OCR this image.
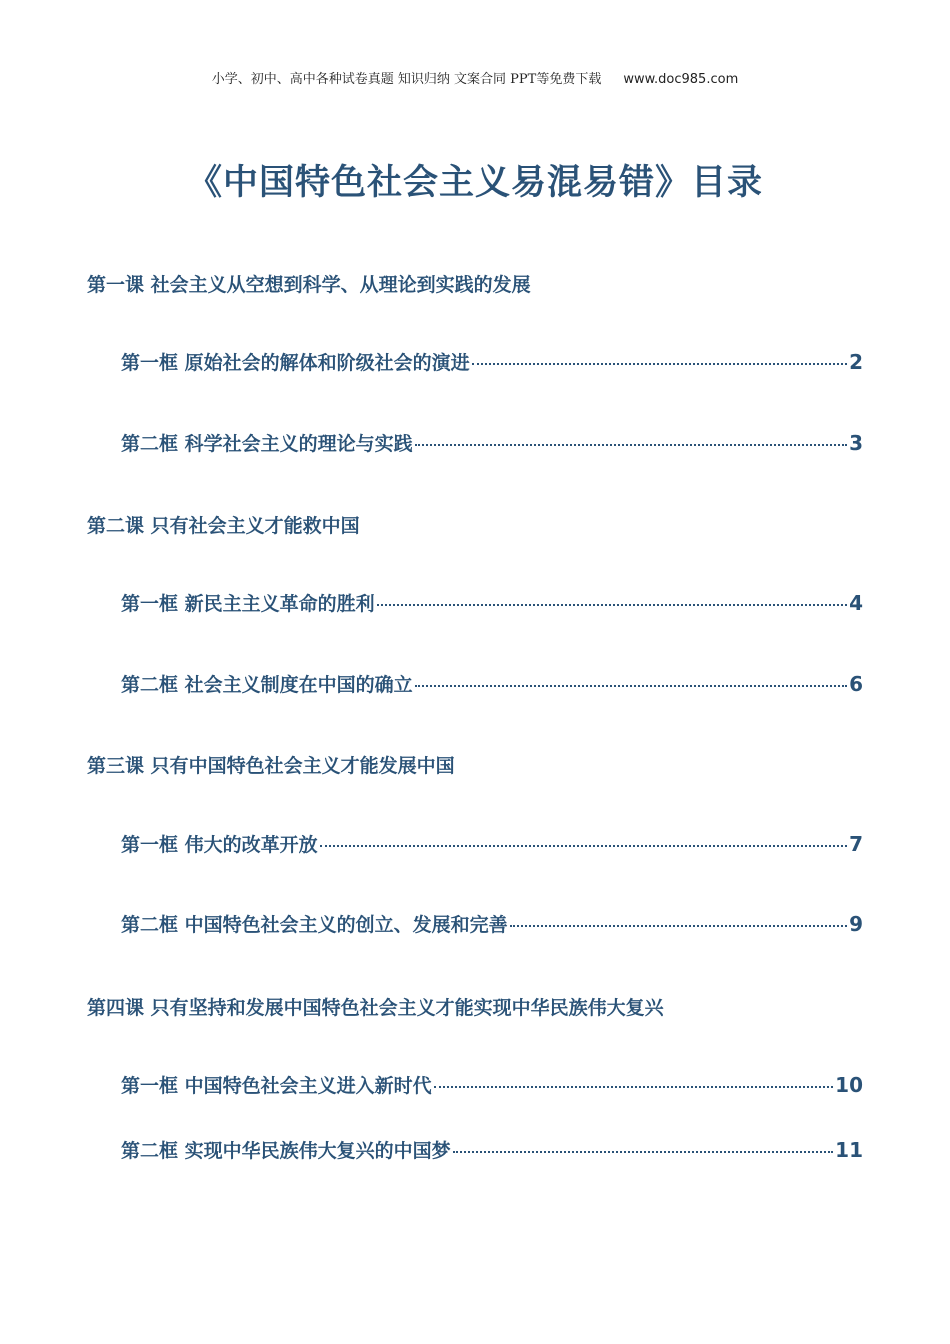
小学、初中、高中各种试卷真题 知识归纳 文案合同 PPT等免费下载 www.doc985.com
《中国特色社会主义易混易错》目录
第一课 社会主义从空想到科学、从理论到实践的发展
第一框 原始社会的解体和阶级社会的演进	2
第二框 科学社会主义的理论与实践	3
第二课 只有社会主义才能救中国
第一框 新民主主义革命的胜利	4
第二框 社会主义制度在中国的确立	6
第三课 只有中国特色社会主义才能发展中国
第一框 伟大的改革开放	7
第二框 中国特色社会主义的创立、发展和完善	9
第四课 只有坚持和发展中国特色社会主义才能实现中华民族伟大复兴
第一框 中国特色社会主义进入新时代	10
第二框 实现中华民族伟大复兴的中国梦	11
